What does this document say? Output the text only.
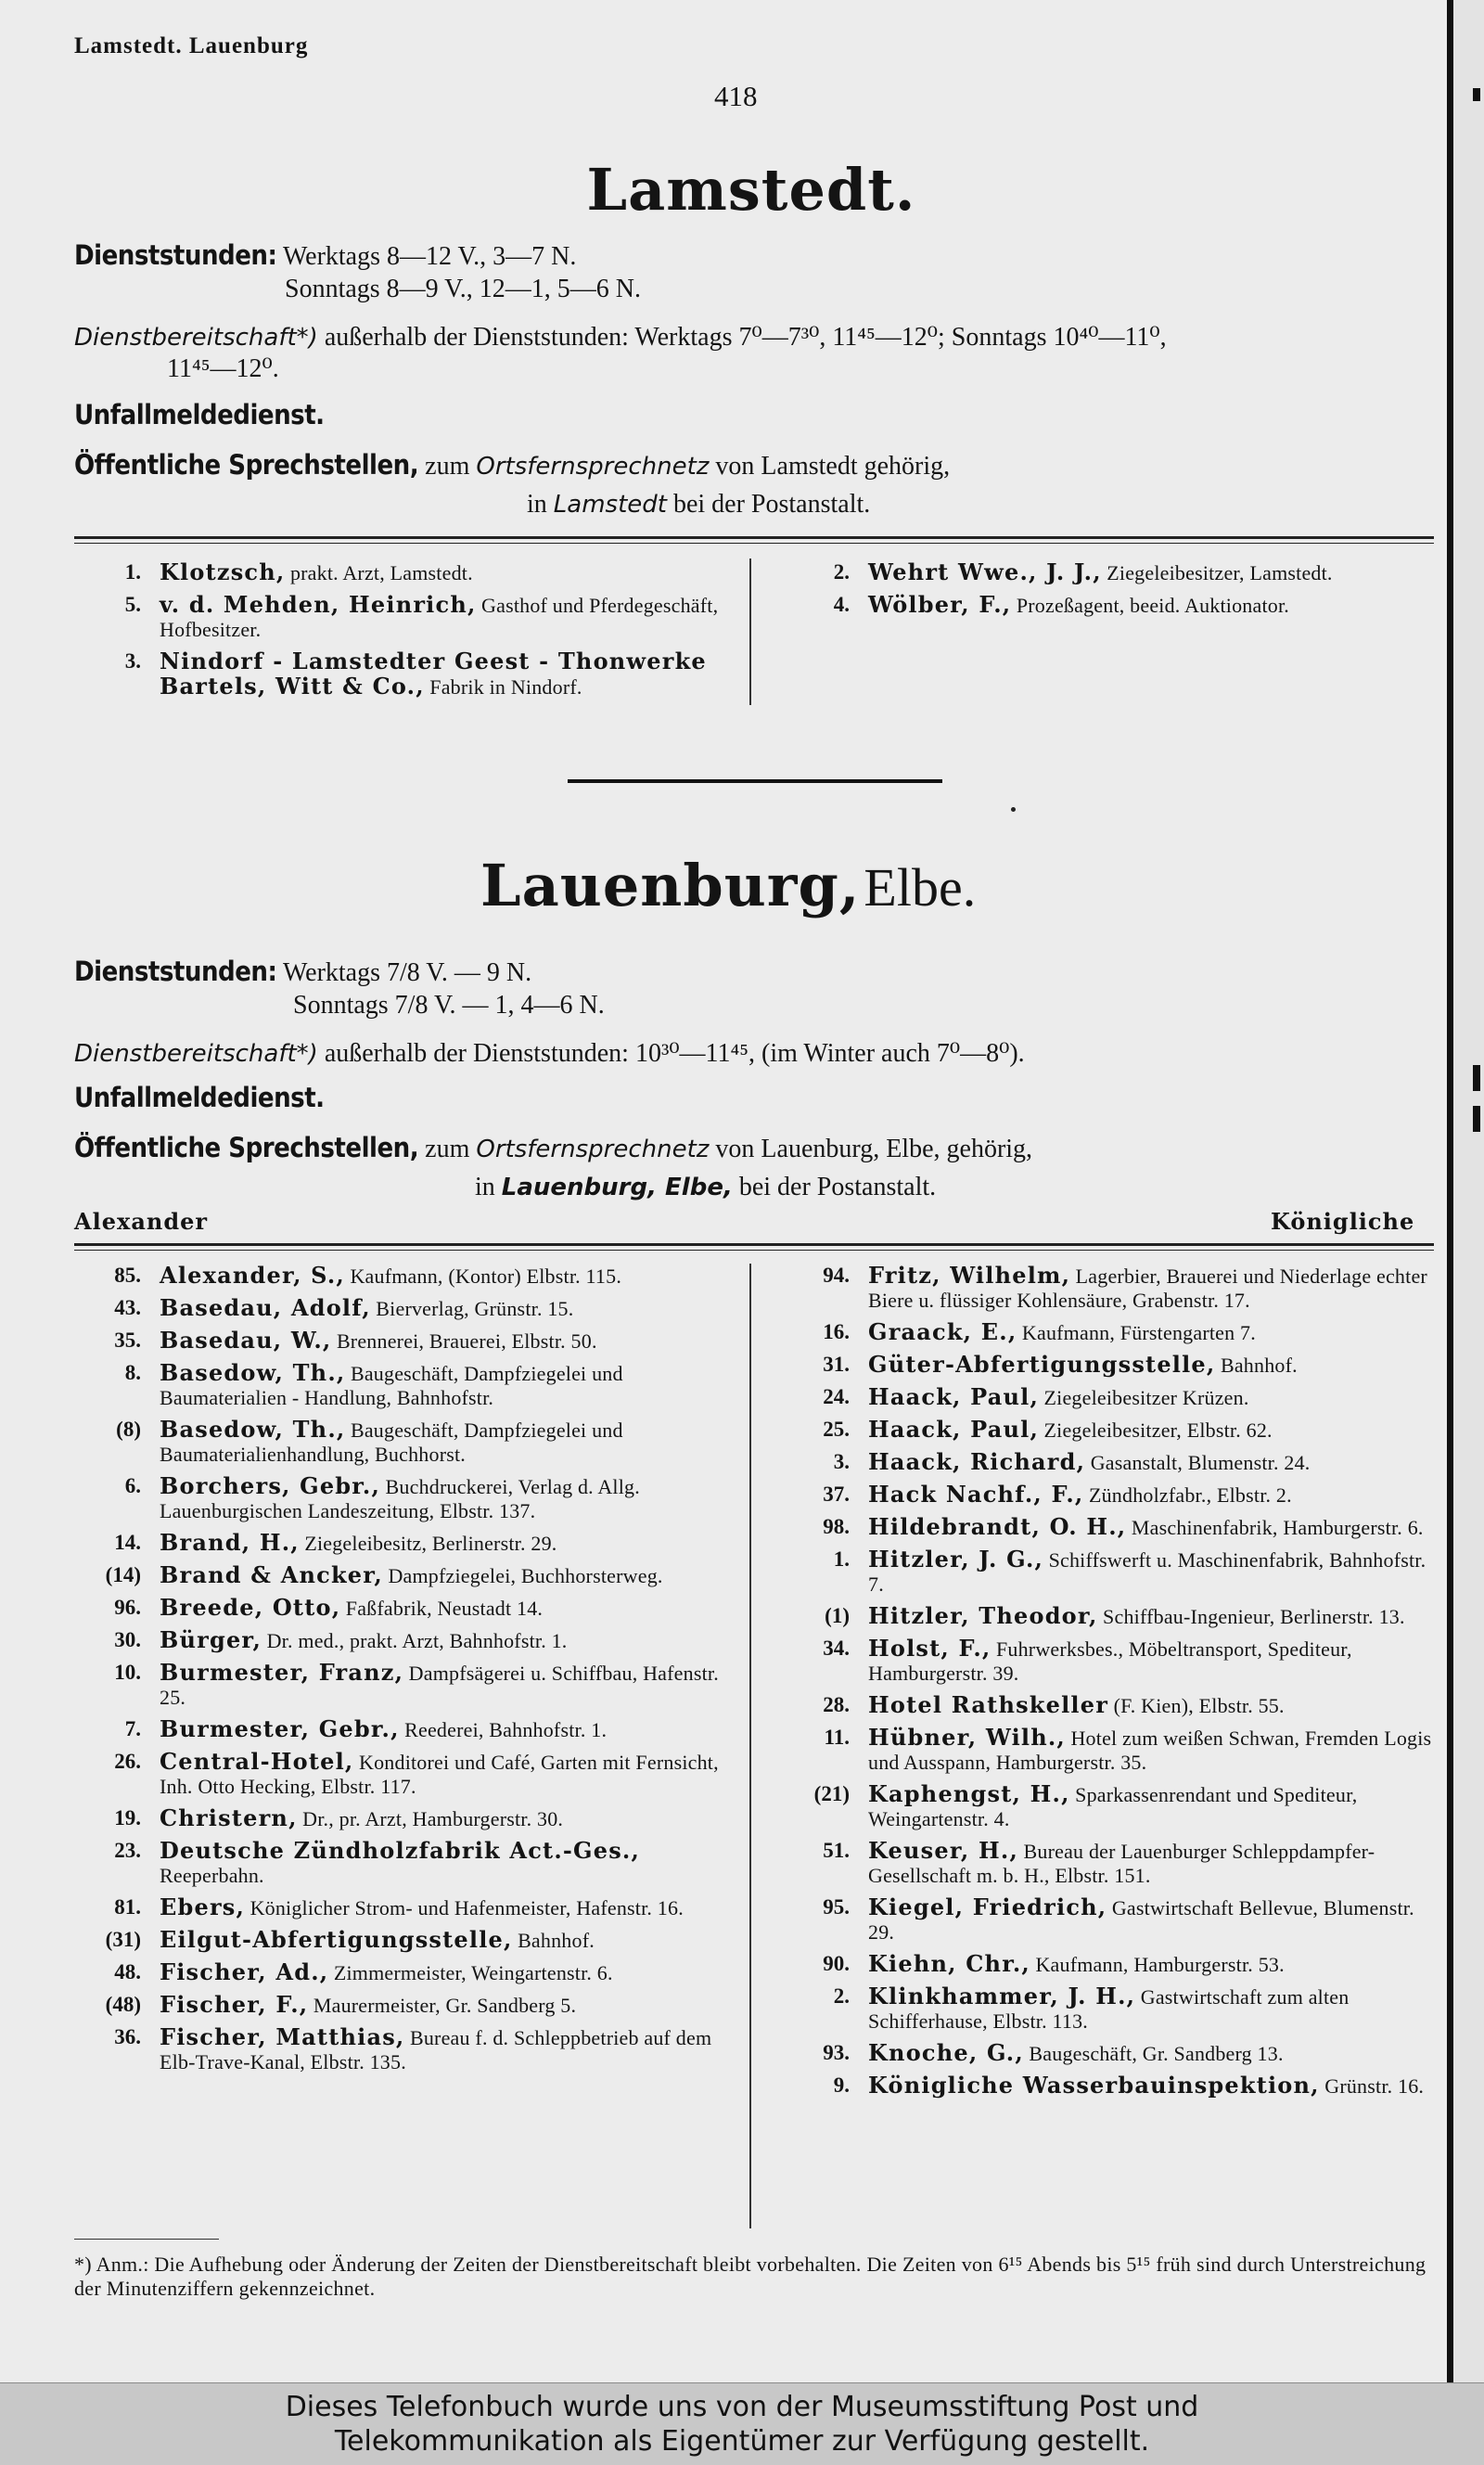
Lamstedt. Lauenburg
418
Lamstedt.
Dienststunden: Werktags 8—12 V., 3—7 N.
Sonntags 8—9 V., 12—1, 5—6 N.
Dienstbereitschaft*) außerhalb der Dienststunden: Werktags 7⁰—7³⁰, 11⁴⁵—12⁰; Sonntags 10⁴⁰—11⁰,
11⁴⁵—12⁰.
Unfallmeldedienst.
Öffentliche Sprechstellen, zum Ortsfernsprechnetz von Lamstedt gehörig,
in Lamstedt bei der Postanstalt.
1. Klotzsch, prakt. Arzt, Lamstedt.
5. v. d. Mehden, Heinrich, Gasthof und Pferdegeschäft, Hofbesitzer.
3. Nindorf - Lamstedter Geest - Thonwerke Bartels, Witt & Co., Fabrik in Nindorf.
2. Wehrt Wwe., J. J., Ziegeleibesitzer, Lamstedt.
4. Wölber, F., Prozeßagent, beeid. Auktionator.
Lauenburg, Elbe.
Dienststunden: Werktags 7/8 V. — 9 N.
Sonntags 7/8 V. — 1, 4—6 N.
Dienstbereitschaft*) außerhalb der Dienststunden: 10³⁰—11⁴⁵, (im Winter auch 7⁰—8⁰).
Unfallmeldedienst.
Öffentliche Sprechstellen, zum Ortsfernsprechnetz von Lauenburg, Elbe, gehörig,
in Lauenburg, Elbe, bei der Postanstalt.
Alexander	Königliche
85. Alexander, S., Kaufmann, (Kontor) Elbstr. 115.
43. Basedau, Adolf, Bierverlag, Grünstr. 15.
35. Basedau, W., Brennerei, Brauerei, Elbstr. 50.
8. Basedow, Th., Baugeschäft, Dampfziegelei und Baumaterialien - Handlung, Bahnhofstr.
(8) Basedow, Th., Baugeschäft, Dampfziegelei und Baumaterialienhandlung, Buchhorst.
6. Borchers, Gebr., Buchdruckerei, Verlag d. Allg. Lauenburgischen Landeszeitung, Elbstr. 137.
14. Brand, H., Ziegeleibesitz, Berlinerstr. 29.
(14) Brand & Ancker, Dampfziegelei, Buchhorsterweg.
96. Breede, Otto, Faßfabrik, Neustadt 14.
30. Bürger, Dr. med., prakt. Arzt, Bahnhofstr. 1.
10. Burmester, Franz, Dampfsägerei u. Schiffbau, Hafenstr. 25.
7. Burmester, Gebr., Reederei, Bahnhofstr. 1.
26. Central-Hotel, Konditorei und Café, Garten mit Fernsicht, Inh. Otto Hecking, Elbstr. 117.
19. Christern, Dr., pr. Arzt, Hamburgerstr. 30.
23. Deutsche Zündholzfabrik Act.-Ges., Reeperbahn.
81. Ebers, Königlicher Strom- und Hafenmeister, Hafenstr. 16.
(31) Eilgut-Abfertigungsstelle, Bahnhof.
48. Fischer, Ad., Zimmermeister, Weingartenstr. 6.
(48) Fischer, F., Maurermeister, Gr. Sandberg 5.
36. Fischer, Matthias, Bureau f. d. Schleppbetrieb auf dem Elb-Trave-Kanal, Elbstr. 135.
94. Fritz, Wilhelm, Lagerbier, Brauerei und Niederlage echter Biere u. flüssiger Kohlensäure, Grabenstr. 17.
16. Graack, E., Kaufmann, Fürstengarten 7.
31. Güter-Abfertigungsstelle, Bahnhof.
24. Haack, Paul, Ziegeleibesitzer Krüzen.
25. Haack, Paul, Ziegeleibesitzer, Elbstr. 62.
3. Haack, Richard, Gasanstalt, Blumenstr. 24.
37. Hack Nachf., F., Zündholzfabr., Elbstr. 2.
98. Hildebrandt, O. H., Maschinenfabrik, Hamburgerstr. 6.
1. Hitzler, J. G., Schiffswerft u. Maschinenfabrik, Bahnhofstr. 7.
(1) Hitzler, Theodor, Schiffbau-Ingenieur, Berlinerstr. 13.
34. Holst, F., Fuhrwerksbes., Möbeltransport, Spediteur, Hamburgerstr. 39.
28. Hotel Rathskeller (F. Kien), Elbstr. 55.
11. Hübner, Wilh., Hotel zum weißen Schwan, Fremden Logis und Ausspann, Hamburgerstr. 35.
(21) Kaphengst, H., Sparkassenrendant und Spediteur, Weingartenstr. 4.
51. Keuser, H., Bureau der Lauenburger Schleppdampfer-Gesellschaft m. b. H., Elbstr. 151.
95. Kiegel, Friedrich, Gastwirtschaft Bellevue, Blumenstr. 29.
90. Kiehn, Chr., Kaufmann, Hamburgerstr. 53.
2. Klinkhammer, J. H., Gastwirtschaft zum alten Schifferhause, Elbstr. 113.
93. Knoche, G., Baugeschäft, Gr. Sandberg 13.
9. Königliche Wasserbauinspektion, Grünstr. 16.
*) Anm.: Die Aufhebung oder Änderung der Zeiten der Dienstbereitschaft bleibt vorbehalten. Die Zeiten von 6¹⁵ Abends bis 5¹⁵ früh sind durch Unterstreichung der Minutenziffern gekennzeichnet.
Dieses Telefonbuch wurde uns von der Museumsstiftung Post und
Telekommunikation als Eigentümer zur Verfügung gestellt.
